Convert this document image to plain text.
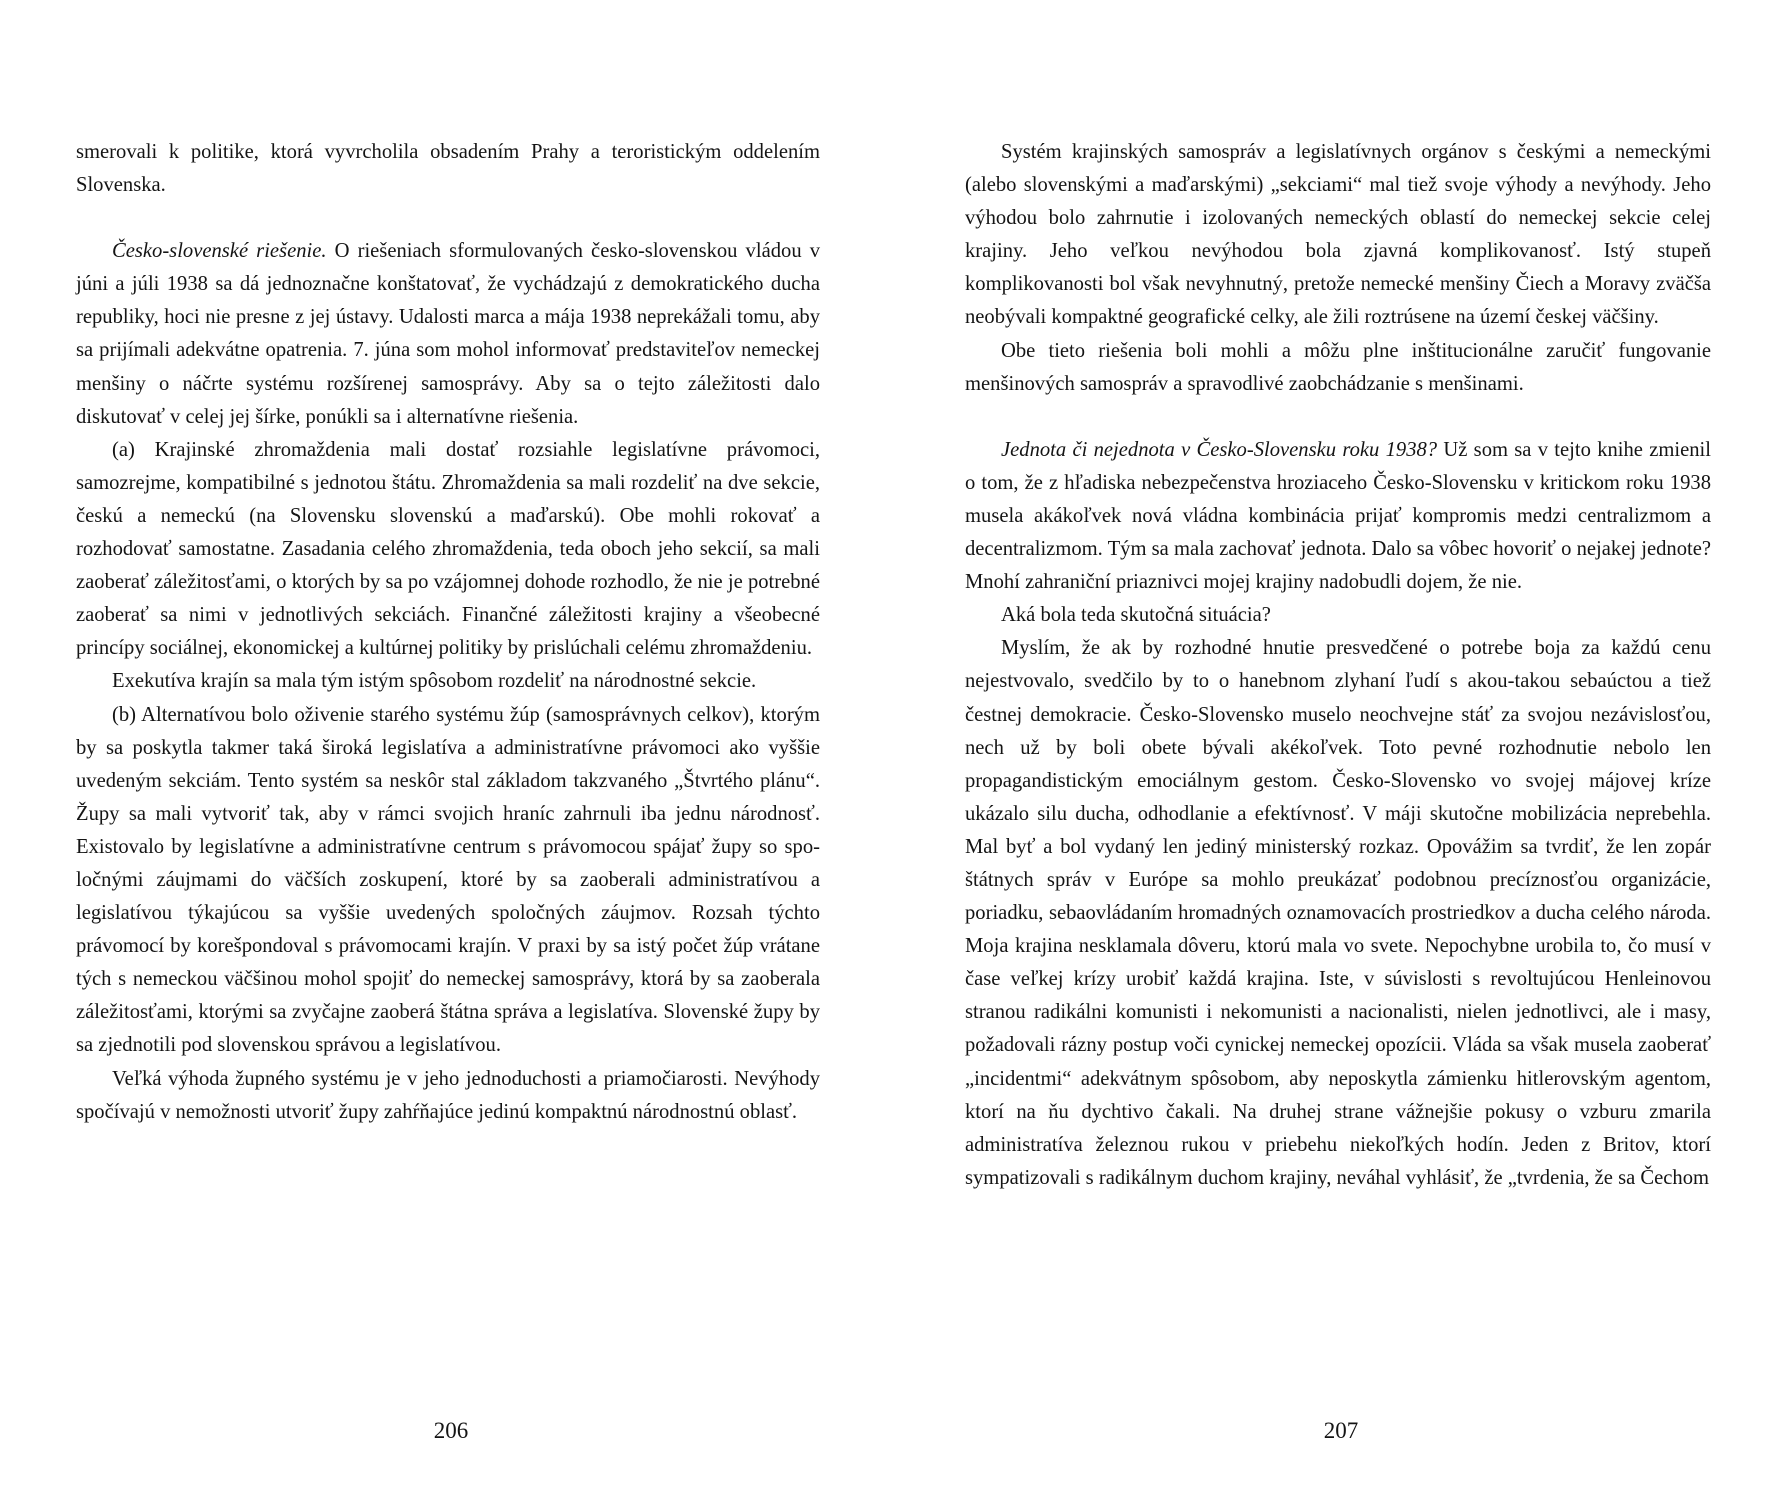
smerovali k politike, ktorá vyvrcholila obsadením Prahy a teroristickým oddelením Slovenska.

Česko-slovenské riešenie. O riešeniach sformulovaných česko-slovenskou vládou v júni a júli 1938 sa dá jednoznačne konštatovať, že vychádzajú z demokratického ducha republiky, hoci nie presne z jej ústavy. Udalosti marca a mája 1938 neprekážali tomu, aby sa prijímali adekvátne opatrenia. 7. júna som mohol informovať predstaviteľov nemeckej menšiny o náčrte systému rozšírenej samosprávy. Aby sa o tejto záležitosti dalo diskutovať v celej jej šírke, ponúkli sa i alternatívne riešenia.

(a) Krajinské zhromaždenia mali dostať rozsiahle legislatívne právomoci, samozrejme, kompatibilné s jednotou štátu. Zhromaždenia sa mali rozdeliť na dve sekcie, českú a nemeckú (na Slovensku slovenskú a maďarskú). Obe mohli rokovať a rozhodovať samostatne. Zasadania celého zhromaždenia, teda oboch jeho sekcií, sa mali zaoberať záležitosťami, o ktorých by sa po vzájomnej dohode rozhodlo, že nie je potrebné zaoberať sa nimi v jednotlivých sekciách. Finančné záležitosti krajiny a všeobecné princípy sociálnej, ekonomickej a kultúrnej politiky by prislúchali celému zhromaždeniu.

Exekutíva krajín sa mala tým istým spôsobom rozdeliť na národnostné sekcie.

(b) Alternatívou bolo oživenie starého systému žúp (samosprávnych celkov), ktorým by sa poskytla takmer taká široká legislatíva a administratívne právomoci ako vyššie uvedeným sekciám. Tento systém sa neskôr stal základom takzvaného „Štvrtého plánu“. Župy sa mali vytvoriť tak, aby v rámci svojich hraníc zahrnuli iba jednu národnosť. Existovalo by legislatívne a administratívne centrum s právomocou spájať župy so spoločnými záujmami do väčších zoskupení, ktoré by sa zaoberali administratívou a legislatívou týkajúcou sa vyššie uvedených spoločných záujmov. Rozsah týchto právomocí by korešpondoval s právomocami krajín. V praxi by sa istý počet žúp vrátane tých s nemeckou väčšinou mohol spojiť do nemeckej samosprávy, ktorá by sa zaoberala záležitosťami, ktorými sa zvyčajne zaoberá štátna správa a legislatíva. Slovenské župy by sa zjednotili pod slovenskou správou a legislatívou.

Veľká výhoda župného systému je v jeho jednoduchosti a priamočiarosti. Nevýhody spočívajú v nemožnosti utvoriť župy zahŕňajúce jedinú kompaktnú národnostnú oblasť.

206

Systém krajinských samospráv a legislatívnych orgánov s českými a nemeckými (alebo slovenskými a maďarskými) „sekciami“ mal tiež svoje výhody a nevýhody. Jeho výhodou bolo zahrnutie i izolovaných nemeckých oblastí do nemeckej sekcie celej krajiny. Jeho veľkou nevýhodou bola zjavná komplikovanosť. Istý stupeň komplikovanosti bol však nevyhnutný, pretože nemecké menšiny Čiech a Moravy zväčša neobývali kompaktné geografické celky, ale žili roztrúsene na území českej väčšiny.

Obe tieto riešenia boli mohli a môžu plne inštitucionálne zaručiť fungovanie menšinových samospráv a spravodlivé zaobchádzanie s menšinami.

Jednota či nejednota v Česko-Slovensku roku 1938? Už som sa v tejto knihe zmienil o tom, že z hľadiska nebezpečenstva hroziaceho Česko-Slovensku v kritickom roku 1938 musela akákoľvek nová vládna kombinácia prijať kompromis medzi centralizmom a decentralizmom. Tým sa mala zachovať jednota. Dalo sa vôbec hovoriť o nejakej jednote? Mnohí zahraniční priaznivci mojej krajiny nadobudli dojem, že nie.

Aká bola teda skutočná situácia?

Myslím, že ak by rozhodné hnutie presvedčené o potrebe boja za každú cenu nejestvovalo, svedčilo by to o hanebnom zlyhaní ľudí s akou-takou sebaúctou a tiež čestnej demokracie. Česko-Slovensko muselo neochvejne stáť za svojou nezávislosťou, nech už by boli obete bývali akékoľvek. Toto pevné rozhodnutie nebolo len propagandistickým emociálnym gestom. Česko-Slovensko vo svojej májovej kríze ukázalo silu ducha, odhodlanie a efektívnosť. V máji skutočne mobilizácia neprebehla. Mal byť a bol vydaný len jediný ministerský rozkaz. Opovážim sa tvrdiť, že len zopár štátnych správ v Európe sa mohlo preukázať podobnou precíznosťou organizácie, poriadku, sebaovládaním hromadných oznamovacích prostriedkov a ducha celého národa. Moja krajina nesklamala dôveru, ktorú mala vo svete. Nepochybne urobila to, čo musí v čase veľkej krízy urobiť každá krajina. Iste, v súvislosti s revoltujúcou Henleinovou stranou radikálni komunisti i nekomunisti a nacionalisti, nielen jednotlivci, ale i masy, požadovali rázny postup voči cynickej nemeckej opozícii. Vláda sa však musela zaoberať „incidentmi“ adekvátnym spôsobom, aby neposkytla zámienku hitlerovským agentom, ktorí na ňu dychtivo čakali. Na druhej strane vážnejšie pokusy o vzburu zmarila administratíva železnou rukou v priebehu niekoľkých hodín. Jeden z Britov, ktorí sympatizovali s radikálnym duchom krajiny, neváhal vyhlásiť, že „tvrdenia, že sa Čechom

207
